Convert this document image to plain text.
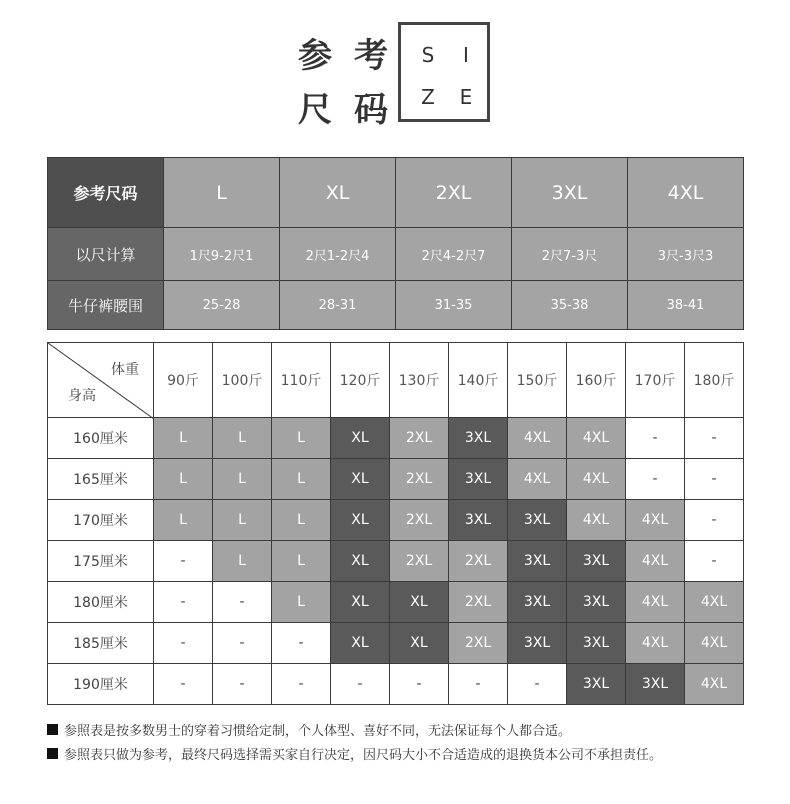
参考
尺码
S	I
Z	E
参考尺码	L	XL	2XL	3XL	4XL
以尺计算	1尺9-2尺1	2尺1-2尺4	2尺4-2尺7	2尺7-3尺	3尺-3尺3
牛仔裤腰围	25-28	28-31	31-35	35-38	38-41
体重
身高	90斤	100斤	110斤	120斤	130斤	140斤	150斤	160斤	170斤	180斤
160厘米	L	L	L	XL	2XL	3XL	4XL	4XL	-	-
165厘米	L	L	L	XL	2XL	3XL	4XL	4XL	-	-
170厘米	L	L	L	XL	2XL	3XL	3XL	4XL	4XL	-
175厘米	-	L	L	XL	2XL	2XL	3XL	3XL	4XL	-
180厘米	-	-	L	XL	XL	2XL	3XL	3XL	4XL	4XL
185厘米	-	-	-	XL	XL	2XL	3XL	3XL	4XL	4XL
190厘米	-	-	-	-	-	-	-	3XL	3XL	4XL
参照表是按多数男士的穿着习惯给定制，个人体型、喜好不同，无法保证每个人都合适。
参照表只做为参考，最终尺码选择需买家自行决定，因尺码大小不合适造成的退换货本公司不承担责任。
